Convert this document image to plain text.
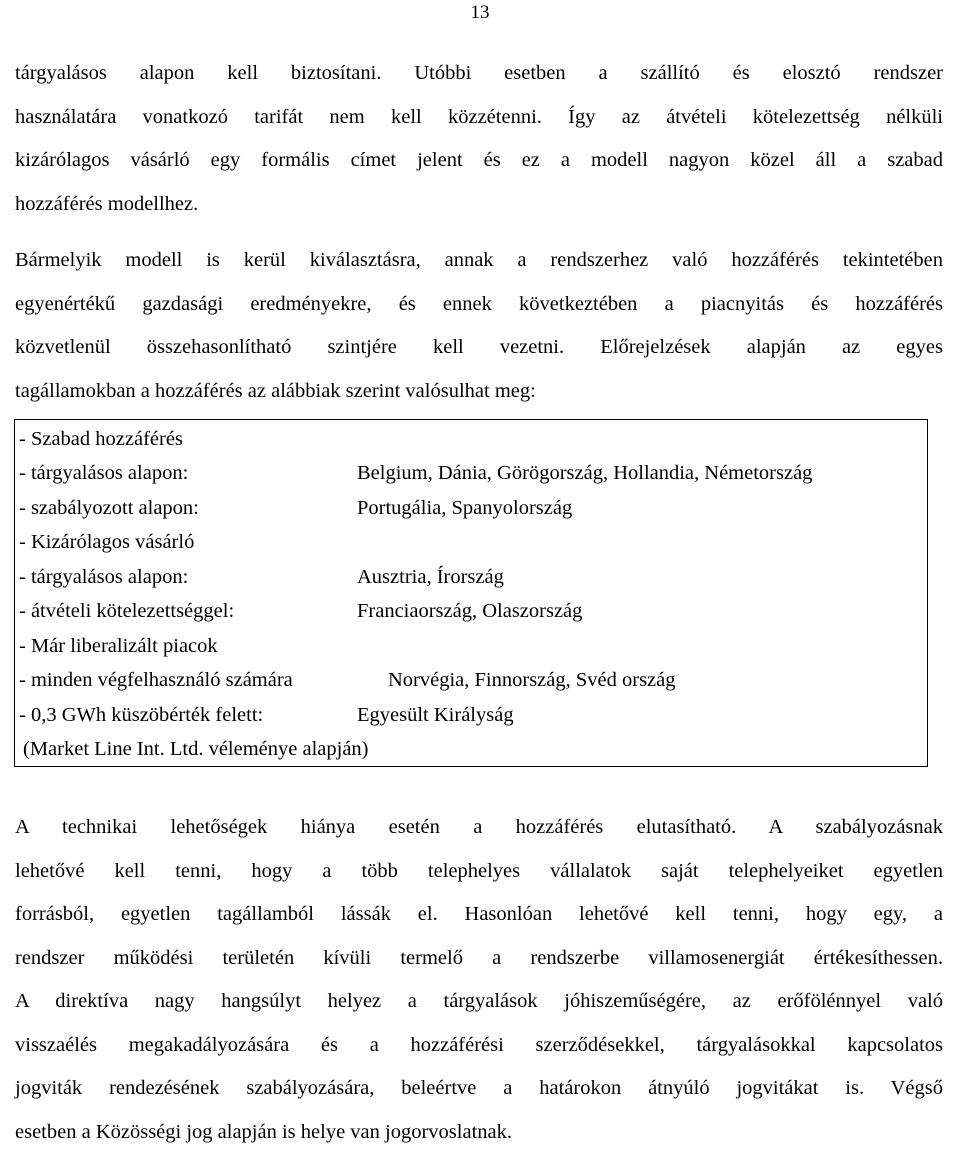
13

tárgyalásos alapon kell biztosítani. Utóbbi esetben a szállító és elosztó rendszer
használatára vonatkozó tarifát nem kell közzétenni. Így az átvételi kötelezettség nélküli
kizárólagos vásárló egy formális címet jelent és ez a modell nagyon közel áll a szabad
hozzáférés modellhez.

Bármelyik modell is kerül kiválasztásra, annak a rendszerhez való hozzáférés tekintetében
egyenértékű gazdasági eredményekre, és ennek következtében a piacnyitás és hozzáférés
közvetlenül összehasonlítható szintjére kell vezetni. Előrejelzések alapján az egyes
tagállamokban a hozzáférés az alábbiak szerint valósulhat meg:

- Szabad hozzáférés
- tárgyalásos alapon:	Belgium, Dánia, Görögország, Hollandia, Németország
- szabályozott alapon:	Portugália, Spanyolország
- Kizárólagos vásárló
- tárgyalásos alapon:	Ausztria, Írország
- átvételi kötelezettséggel:	Franciaország, Olaszország
- Már liberalizált piacok
- minden végfelhasználó számára	Norvégia, Finnország, Svéd ország
- 0,3 GWh küszöbérték felett:	Egyesült Királyság
(Market Line Int. Ltd. véleménye alapján)

A technikai lehetőségek hiánya esetén a hozzáférés elutasítható. A szabályozásnak
lehetővé kell tenni, hogy a több telephelyes vállalatok saját telephelyeiket egyetlen
forrásból, egyetlen tagállamból lássák el. Hasonlóan lehetővé kell tenni, hogy egy, a
rendszer működési területén kívüli termelő a rendszerbe villamosenergiát értékesíthessen.
A direktíva nagy hangsúlyt helyez a tárgyalások jóhiszeműségére, az erőfölénnyel való
visszaélés megakadályozására és a hozzáférési szerződésekkel, tárgyalásokkal kapcsolatos
jogviták rendezésének szabályozására, beleértve a határokon átnyúló jogvitákat is. Végső
esetben a Közösségi jog alapján is helye van jogorvoslatnak.
